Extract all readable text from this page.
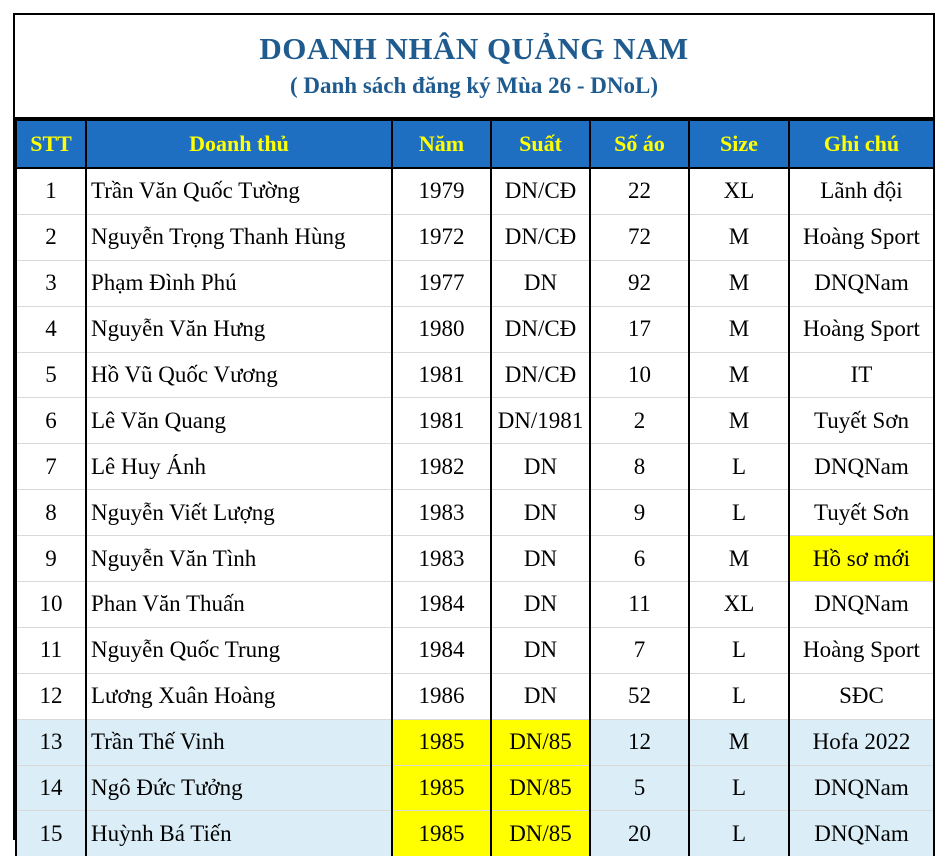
DOANH NHÂN QUẢNG NAM
( Danh sách đăng ký Mùa 26 - DNoL)
STT	Doanh thủ	Năm	Suất	Số áo	Size	Ghi chú
1	Trần Văn Quốc Tường	1979	DN/CĐ	22	XL	Lãnh đội
2	Nguyễn Trọng Thanh Hùng	1972	DN/CĐ	72	M	Hoàng Sport
3	Phạm Đình Phú	1977	DN	92	M	DNQNam
4	Nguyễn Văn Hưng	1980	DN/CĐ	17	M	Hoàng Sport
5	Hồ Vũ Quốc Vương	1981	DN/CĐ	10	M	IT
6	Lê Văn Quang	1981	DN/1981	2	M	Tuyết Sơn
7	Lê Huy Ánh	1982	DN	8	L	DNQNam
8	Nguyễn Viết Lượng	1983	DN	9	L	Tuyết Sơn
9	Nguyễn Văn Tình	1983	DN	6	M	Hồ sơ mới
10	Phan Văn Thuấn	1984	DN	11	XL	DNQNam
11	Nguyễn Quốc Trung	1984	DN	7	L	Hoàng Sport
12	Lương Xuân Hoàng	1986	DN	52	L	SĐC
13	Trần Thế Vinh	1985	DN/85	12	M	Hofa 2022
14	Ngô Đức Tưởng	1985	DN/85	5	L	DNQNam
15	Huỳnh Bá Tiến	1985	DN/85	20	L	DNQNam
